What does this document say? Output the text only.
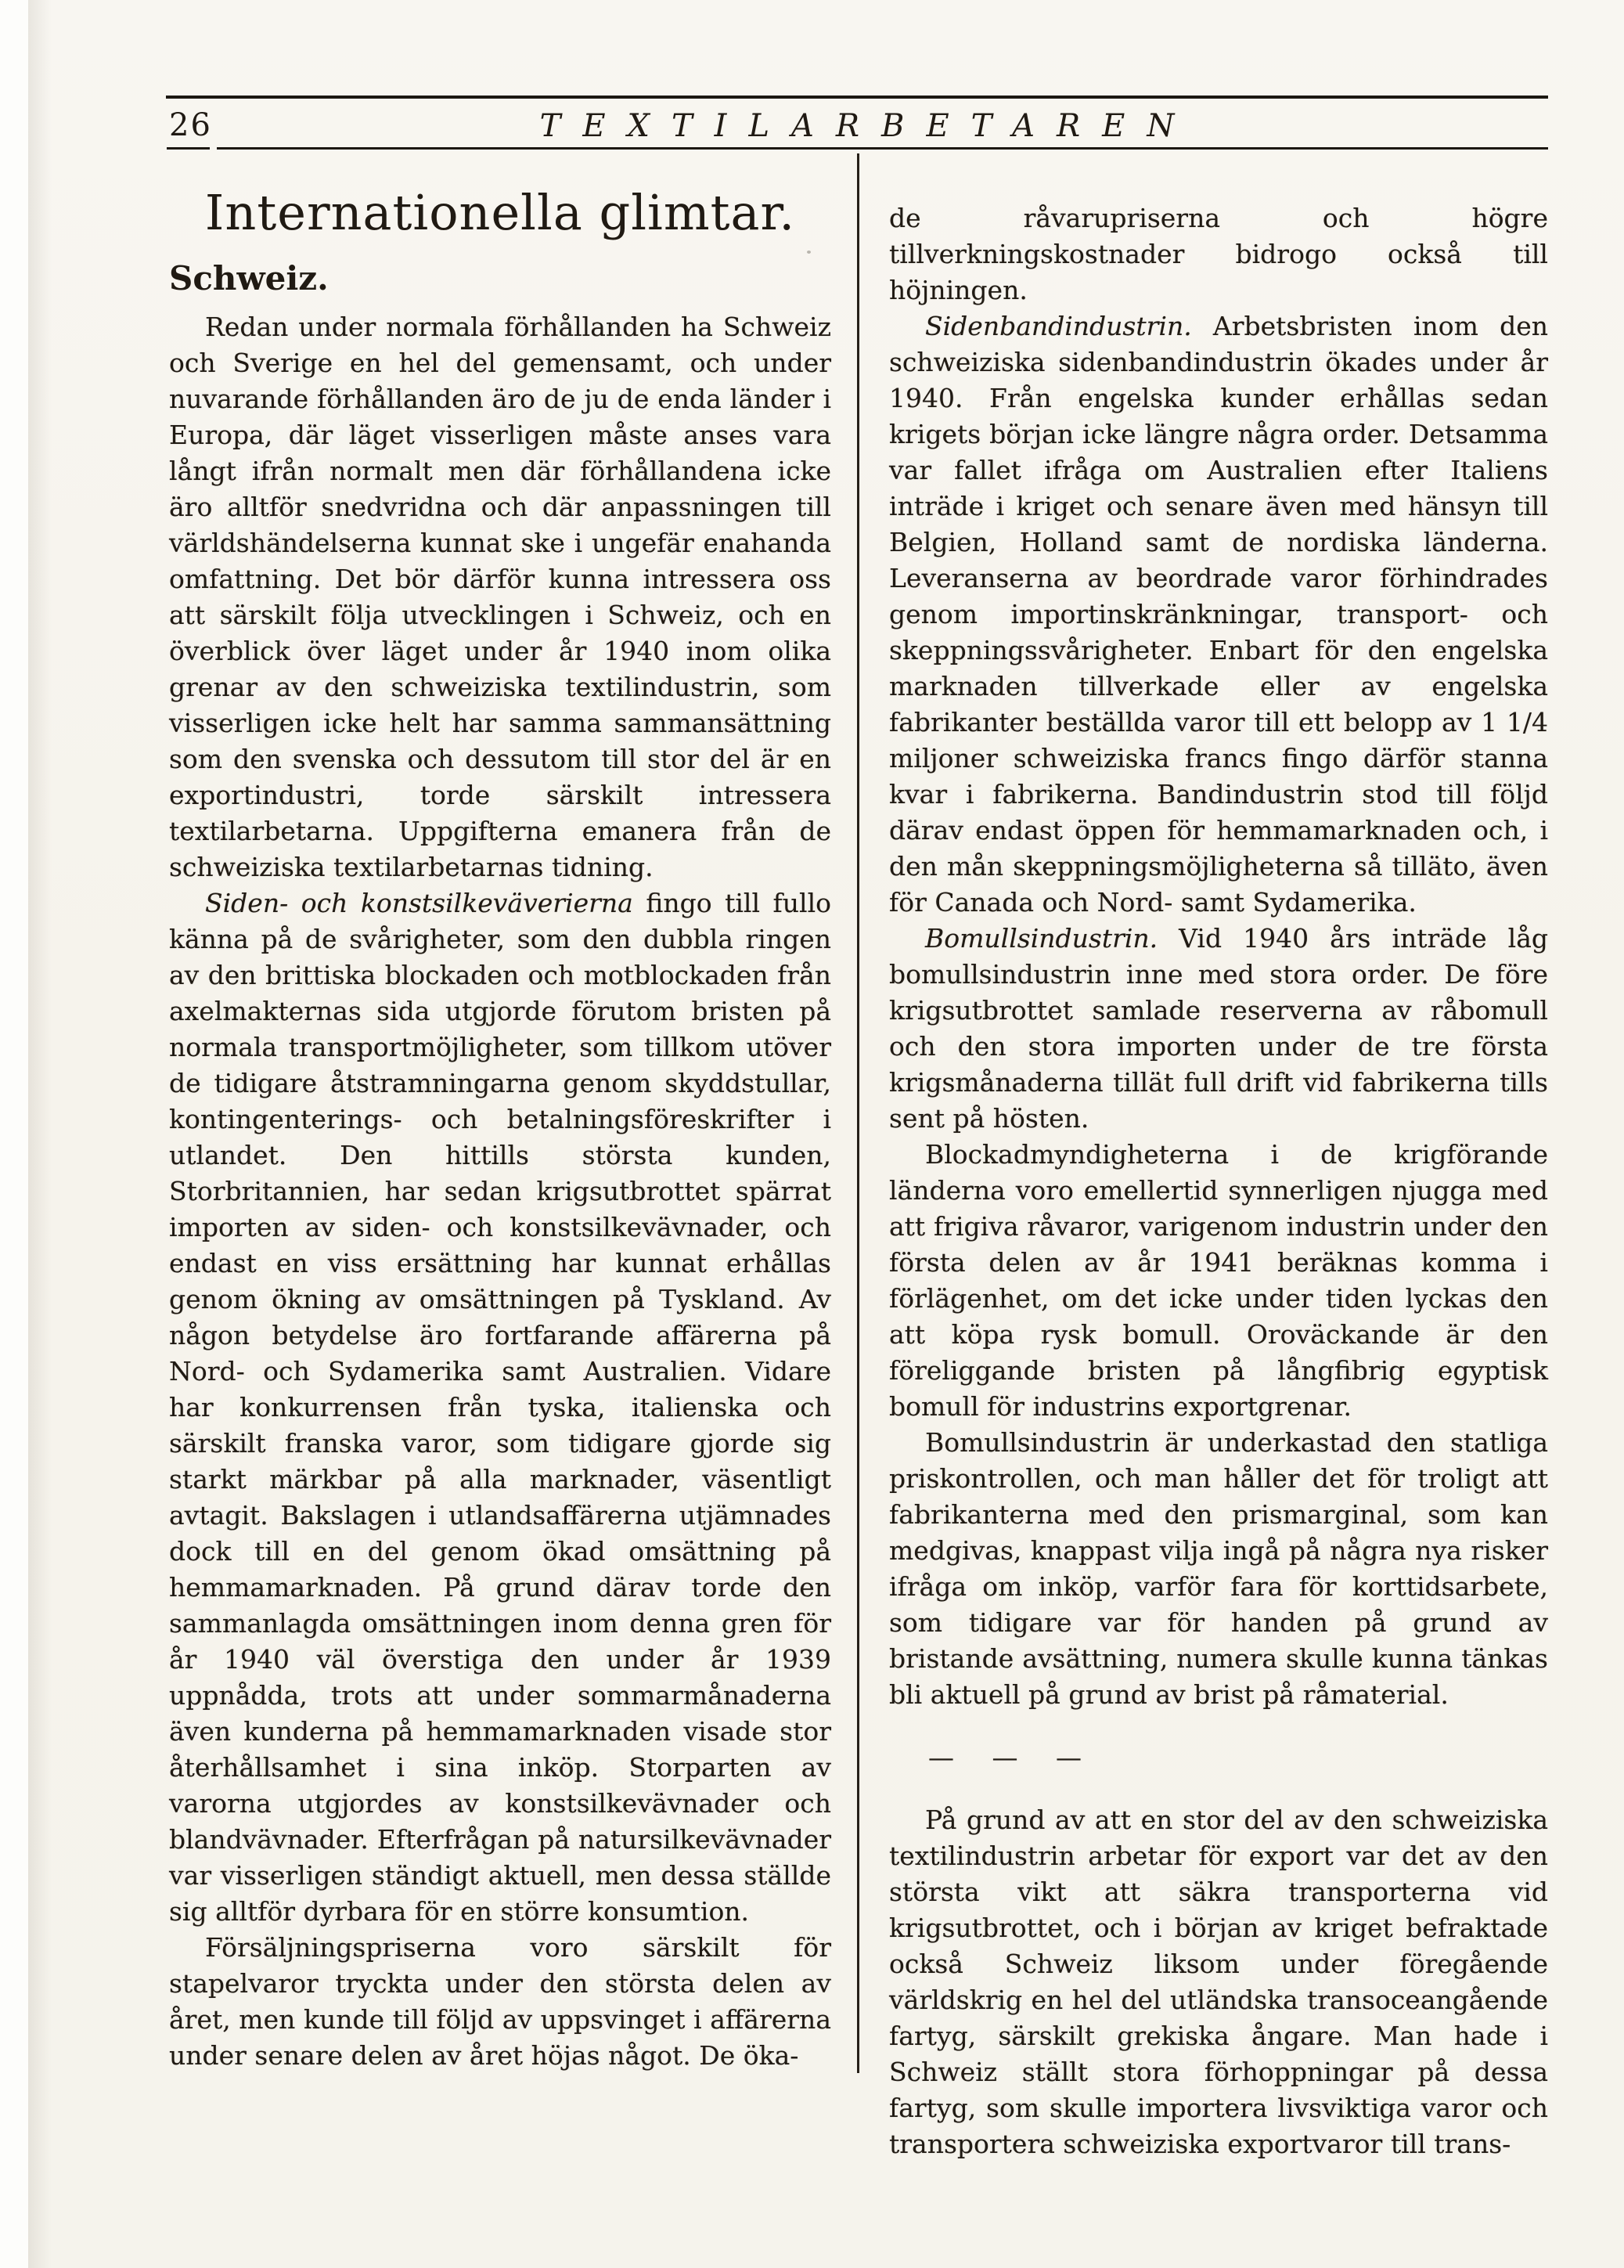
26	TEXTILARBETAREN
Internationella glimtar.
Schweiz.

Redan under normala förhållanden ha Schweiz och Sverige en hel del gemensamt, och under nuvarande förhållanden äro de ju de enda länder i Europa, där läget visserligen måste anses vara långt ifrån normalt men där förhållandena icke äro alltför snedvridna och där anpassningen till världshändelserna kunnat ske i ungefär enahanda omfattning. Det bör därför kunna intressera oss att särskilt följa utvecklingen i Schweiz, och en överblick över läget under år 1940 inom olika grenar av den schweiziska textilindustrin, som visserligen icke helt har samma sammansättning som den svenska och dessutom till stor del är en exportindustri, torde särskilt intressera textilarbetarna. Uppgifterna emanera från de schweiziska textilarbetarnas tidning.

Siden- och konstsilkeväverierna fingo till fullo känna på de svårigheter, som den dubbla ringen av den brittiska blockaden och motblockaden från axelmakternas sida utgjorde förutom bristen på normala transportmöjligheter, som tillkom utöver de tidigare åtstramningarna genom skyddstullar, kontingenterings- och betalningsföreskrifter i utlandet. Den hittills största kunden, Storbritannien, har sedan krigsutbrottet spärrat importen av siden- och konstsilkevävnader, och endast en viss ersättning har kunnat erhållas genom ökning av omsättningen på Tyskland. Av någon betydelse äro fortfarande affärerna på Nord- och Sydamerika samt Australien. Vidare har konkurrensen från tyska, italienska och särskilt franska varor, som tidigare gjorde sig starkt märkbar på alla marknader, väsentligt avtagit. Bakslagen i utlandsaffärerna utjämnades dock till en del genom ökad omsättning på hemmamarknaden. På grund därav torde den sammanlagda omsättningen inom denna gren för år 1940 väl överstiga den under år 1939 uppnådda, trots att under sommarmånaderna även kunderna på hemmamarknaden visade stor återhållsamhet i sina inköp. Storparten av varorna utgjordes av konstsilkevävnader och blandvävnader. Efterfrågan på natursilkevävnader var visserligen ständigt aktuell, men dessa ställde sig alltför dyrbara för en större konsumtion.

Försäljningspriserna voro särskilt för stapelvaror tryckta under den största delen av året, men kunde till följd av uppsvinget i affärerna under senare delen av året höjas något. De öka-

de råvarupriserna och högre tillverkningskostnader bidrogo också till höjningen.

Sidenbandindustrin. Arbetsbristen inom den schweiziska sidenbandindustrin ökades under år 1940. Från engelska kunder erhållas sedan krigets början icke längre några order. Detsamma var fallet ifråga om Australien efter Italiens inträde i kriget och senare även med hänsyn till Belgien, Holland samt de nordiska länderna. Leveranserna av beordrade varor förhindrades genom importinskränkningar, transport- och skeppningssvårigheter. Enbart för den engelska marknaden tillverkade eller av engelska fabrikanter beställda varor till ett belopp av 1 1/4 miljoner schweiziska francs fingo därför stanna kvar i fabrikerna. Bandindustrin stod till följd därav endast öppen för hemmamarknaden och, i den mån skeppningsmöjligheterna så tilläto, även för Canada och Nord- samt Sydamerika.

Bomullsindustrin. Vid 1940 års inträde låg bomullsindustrin inne med stora order. De före krigsutbrottet samlade reserverna av råbomull och den stora importen under de tre första krigsmånaderna tillät full drift vid fabrikerna tills sent på hösten.

Blockadmyndigheterna i de krigförande länderna voro emellertid synnerligen njugga med att frigiva råvaror, varigenom industrin under den första delen av år 1941 beräknas komma i förlägenhet, om det icke under tiden lyckas den att köpa rysk bomull. Oroväckande är den föreliggande bristen på långfibrig egyptisk bomull för industrins exportgrenar.

Bomullsindustrin är underkastad den statliga priskontrollen, och man håller det för troligt att fabrikanterna med den prismarginal, som kan medgivas, knappast vilja ingå på några nya risker ifråga om inköp, varför fara för korttidsarbete, som tidigare var för handen på grund av bristande avsättning, numera skulle kunna tänkas bli aktuell på grund av brist på råmaterial.

— — —

På grund av att en stor del av den schweiziska textilindustrin arbetar för export var det av den största vikt att säkra transporterna vid krigsutbrottet, och i början av kriget befraktade också Schweiz liksom under föregående världskrig en hel del utländska transoceangående fartyg, särskilt grekiska ångare. Man hade i Schweiz ställt stora förhoppningar på dessa fartyg, som skulle importera livsviktiga varor och transportera schweiziska exportvaror till trans-
